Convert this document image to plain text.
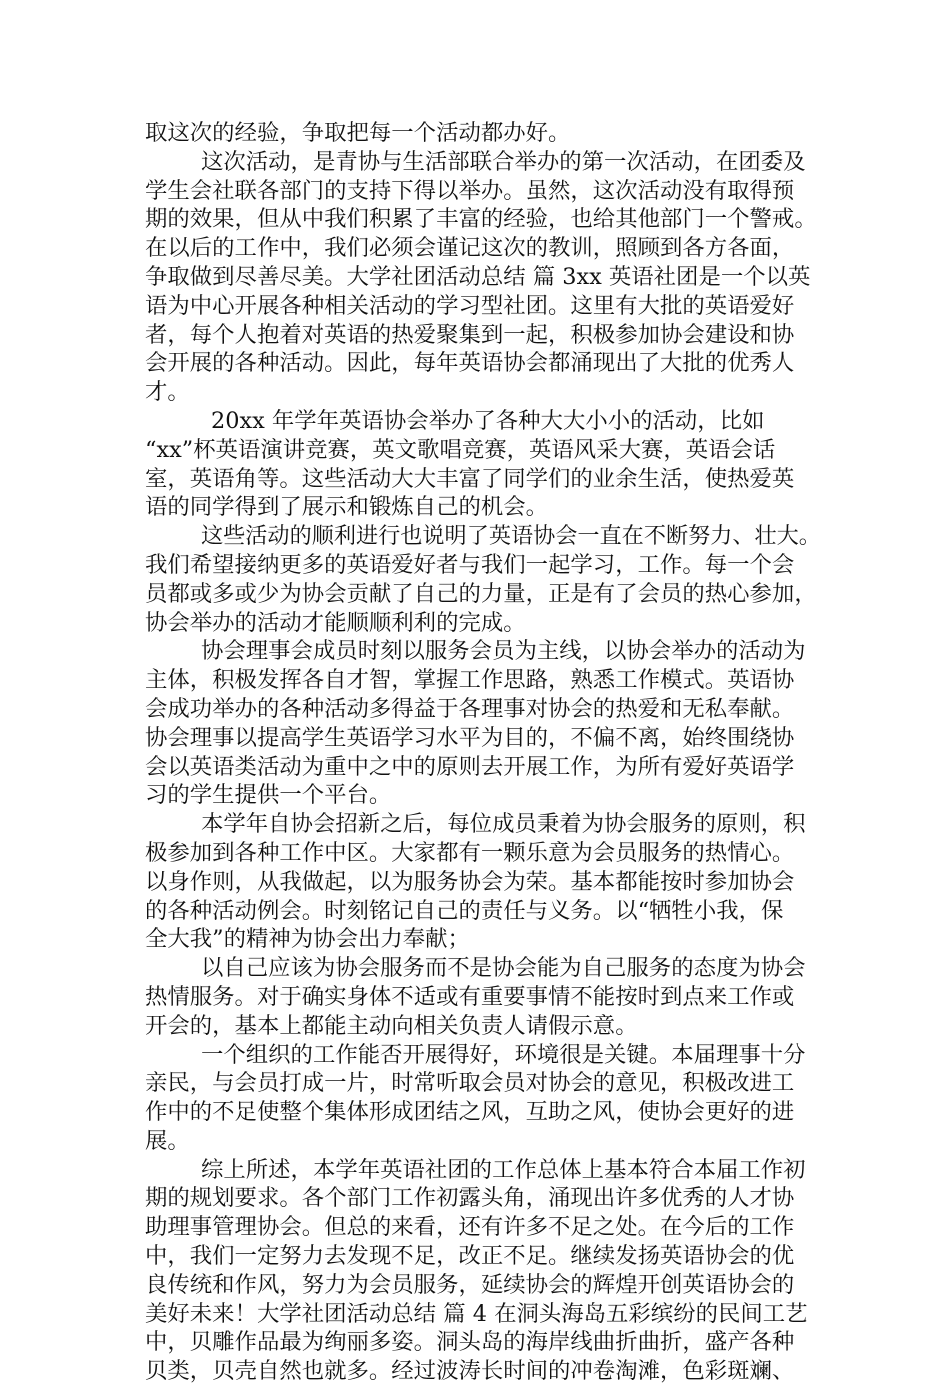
取这次的经验，争取把每一个活动都办好。

这次活动，是青协与生活部联合举办的第一次活动，在团委及
学生会社联各部门的支持下得以举办。虽然，这次活动没有取得预
期的效果，但从中我们积累了丰富的经验，也给其他部门一个警戒。
在以后的工作中，我们必须会谨记这次的教训，照顾到各方各面，
争取做到尽善尽美。大学社团活动总结 篇 3xx 英语社团是一个以英
语为中心开展各种相关活动的学习型社团。这里有大批的英语爱好
者，每个人抱着对英语的热爱聚集到一起，积极参加协会建设和协
会开展的各种活动。因此，每年英语协会都涌现出了大批的优秀人
才。

20xx 年学年英语协会举办了各种大大小小的活动，比如
“xx”杯英语演讲竞赛，英文歌唱竞赛，英语风采大赛，英语会话
室，英语角等。这些活动大大丰富了同学们的业余生活，使热爱英
语的同学得到了展示和锻炼自己的机会。

这些活动的顺利进行也说明了英语协会一直在不断努力、壮大。
我们希望接纳更多的英语爱好者与我们一起学习，工作。每一个会
员都或多或少为协会贡献了自己的力量，正是有了会员的热心参加，
协会举办的活动才能顺顺利利的完成。

协会理事会成员时刻以服务会员为主线，以协会举办的活动为
主体，积极发挥各自才智，掌握工作思路，熟悉工作模式。英语协
会成功举办的各种活动多得益于各理事对协会的热爱和无私奉献。
协会理事以提高学生英语学习水平为目的，不偏不离，始终围绕协
会以英语类活动为重中之中的原则去开展工作，为所有爱好英语学
习的学生提供一个平台。

本学年自协会招新之后，每位成员秉着为协会服务的原则，积
极参加到各种工作中区。大家都有一颗乐意为会员服务的热情心。
以身作则，从我做起，以为服务协会为荣。基本都能按时参加协会
的各种活动例会。时刻铭记自己的责任与义务。以“牺牲小我，保
全大我”的精神为协会出力奉献；

以自己应该为协会服务而不是协会能为自己服务的态度为协会
热情服务。对于确实身体不适或有重要事情不能按时到点来工作或
开会的，基本上都能主动向相关负责人请假示意。

一个组织的工作能否开展得好，环境很是关键。本届理事十分
亲民，与会员打成一片，时常听取会员对协会的意见，积极改进工
作中的不足使整个集体形成团结之风，互助之风，使协会更好的进
展。

综上所述，本学年英语社团的工作总体上基本符合本届工作初
期的规划要求。各个部门工作初露头角，涌现出许多优秀的人才协
助理事管理协会。但总的来看，还有许多不足之处。在今后的工作
中，我们一定努力去发现不足，改正不足。继续发扬英语协会的优
良传统和作风，努力为会员服务，延续协会的辉煌开创英语协会的
美好未来！大学社团活动总结 篇 4 在洞头海岛五彩缤纷的民间工艺
中，贝雕作品最为绚丽多姿。洞头岛的海岸线曲折曲折，盛产各种
贝类，贝壳自然也就多。经过波涛长时间的冲卷淘滩，色彩斑斓、
